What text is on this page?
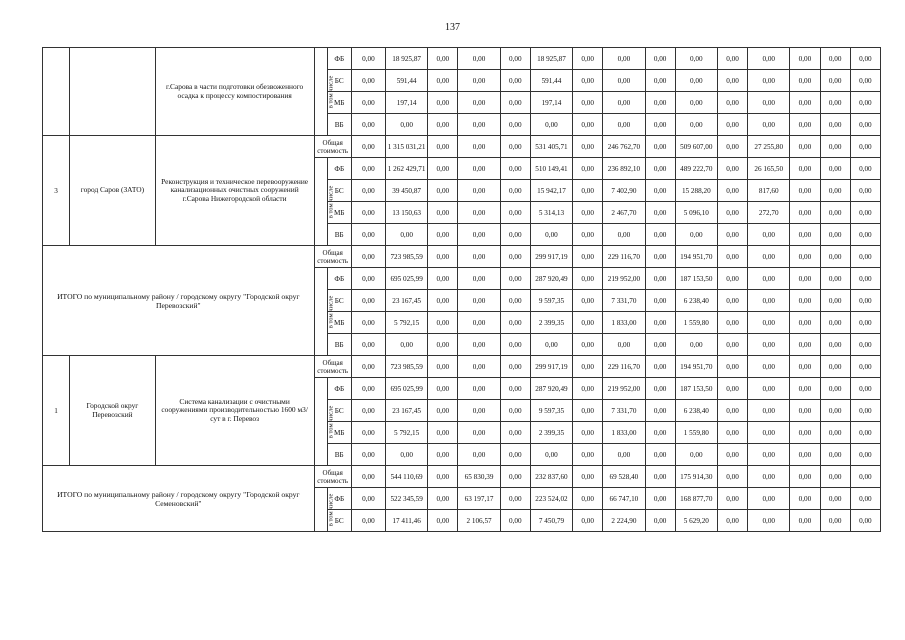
137
		г.Сарова в части подготовки обезвоженного осадка к процессу компостирования	в том числе	ФБ	0,00	18 925,87	0,00	0,00	0,00	18 925,87	0,00	0,00	0,00	0,00	0,00	0,00	0,00	0,00	0,00
				БС	0,00	591,44	0,00	0,00	0,00	591,44	0,00	0,00	0,00	0,00	0,00	0,00	0,00	0,00	0,00
				МБ	0,00	197,14	0,00	0,00	0,00	197,14	0,00	0,00	0,00	0,00	0,00	0,00	0,00	0,00	0,00
				ВБ	0,00	0,00	0,00	0,00	0,00	0,00	0,00	0,00	0,00	0,00	0,00	0,00	0,00	0,00	0,00
3	город Саров (ЗАТО)	Реконструкция и техническое перевооружение канализационных очистных сооружений г.Сарова Нижегородской области	Общая стоимость		0,00	1 315 031,21	0,00	0,00	0,00	531 405,71	0,00	246 762,70	0,00	509 607,00	0,00	27 255,80	0,00	0,00	0,00
			в том числе	ФБ	0,00	1 262 429,71	0,00	0,00	0,00	510 149,41	0,00	236 892,10	0,00	489 222,70	0,00	26 165,50	0,00	0,00	0,00
				БС	0,00	39 450,87	0,00	0,00	0,00	15 942,17	0,00	7 402,90	0,00	15 288,20	0,00	817,60	0,00	0,00	0,00
				МБ	0,00	13 150,63	0,00	0,00	0,00	5 314,13	0,00	2 467,70	0,00	5 096,10	0,00	272,70	0,00	0,00	0,00
				ВБ	0,00	0,00	0,00	0,00	0,00	0,00	0,00	0,00	0,00	0,00	0,00	0,00	0,00	0,00	0,00
ИТОГО по муниципальному району / городскому округу "Городской округ Перевозский"			Общая стоимость		0,00	723 985,59	0,00	0,00	0,00	299 917,19	0,00	229 116,70	0,00	194 951,70	0,00	0,00	0,00	0,00	0,00
			в том числе	ФБ	0,00	695 025,99	0,00	0,00	0,00	287 920,49	0,00	219 952,00	0,00	187 153,50	0,00	0,00	0,00	0,00	0,00
				БС	0,00	23 167,45	0,00	0,00	0,00	9 597,35	0,00	7 331,70	0,00	6 238,40	0,00	0,00	0,00	0,00	0,00
				МБ	0,00	5 792,15	0,00	0,00	0,00	2 399,35	0,00	1 833,00	0,00	1 559,80	0,00	0,00	0,00	0,00	0,00
				ВБ	0,00	0,00	0,00	0,00	0,00	0,00	0,00	0,00	0,00	0,00	0,00	0,00	0,00	0,00	0,00
1	Городской округ Перевозский	Система канализации с очистными сооружениями производительностью 1600 м3/сут в г. Перевоз	Общая стоимость		0,00	723 985,59	0,00	0,00	0,00	299 917,19	0,00	229 116,70	0,00	194 951,70	0,00	0,00	0,00	0,00	0,00
			в том числе	ФБ	0,00	695 025,99	0,00	0,00	0,00	287 920,49	0,00	219 952,00	0,00	187 153,50	0,00	0,00	0,00	0,00	0,00
				БС	0,00	23 167,45	0,00	0,00	0,00	9 597,35	0,00	7 331,70	0,00	6 238,40	0,00	0,00	0,00	0,00	0,00
				МБ	0,00	5 792,15	0,00	0,00	0,00	2 399,35	0,00	1 833,00	0,00	1 559,80	0,00	0,00	0,00	0,00	0,00
				ВБ	0,00	0,00	0,00	0,00	0,00	0,00	0,00	0,00	0,00	0,00	0,00	0,00	0,00	0,00	0,00
ИТОГО по муниципальному району / городскому округу "Городской округ Семеновский"			Общая стоимость		0,00	544 110,69	0,00	65 830,39	0,00	232 837,60	0,00	69 528,40	0,00	175 914,30	0,00	0,00	0,00	0,00	0,00
			в том числе	ФБ	0,00	522 345,59	0,00	63 197,17	0,00	223 524,02	0,00	66 747,10	0,00	168 877,70	0,00	0,00	0,00	0,00	0,00
				БС	0,00	17 411,46	0,00	2 106,57	0,00	7 450,79	0,00	2 224,90	0,00	5 629,20	0,00	0,00	0,00	0,00	0,00
